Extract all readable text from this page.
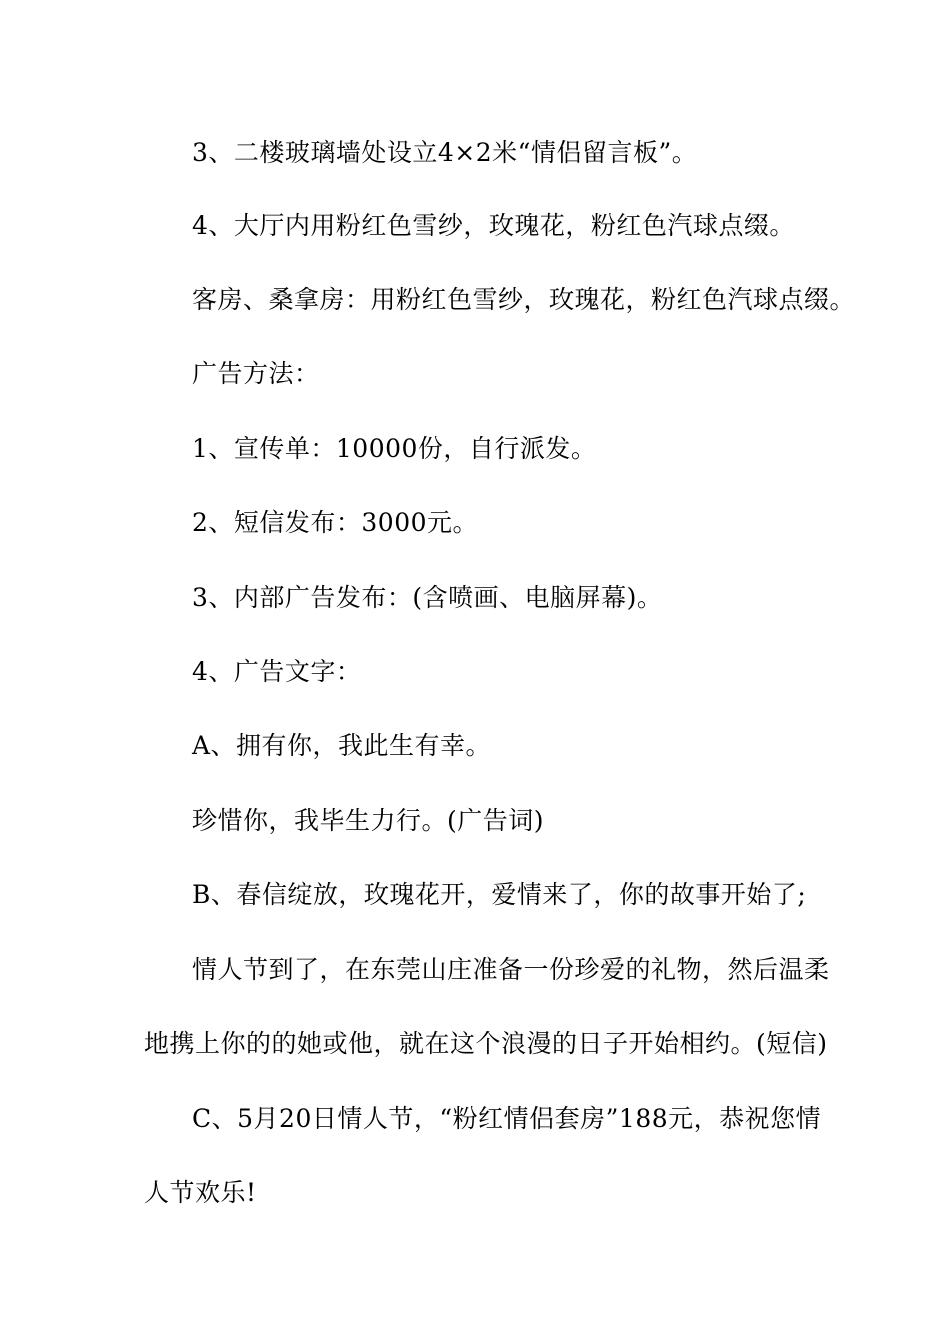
3、二楼玻璃墙处设立4×2米“情侣留言板”。
4、大厅内用粉红色雪纱，玫瑰花，粉红色汽球点缀。
客房、桑拿房：用粉红色雪纱，玫瑰花，粉红色汽球点缀。
广告方法：
1、宣传单：10000份，自行派发。
2、短信发布：3000元。
3、内部广告发布：(含喷画、电脑屏幕)。
4、广告文字：
A、拥有你，我此生有幸。
珍惜你，我毕生力行。(广告词)
B、春信绽放，玫瑰花开，爱情来了，你的故事开始了;
情人节到了，在东莞山庄准备一份珍爱的礼物，然后温柔
地携上你的的她或他，就在这个浪漫的日子开始相约。(短信)
C、5月20日情人节，“粉红情侣套房”188元，恭祝您情
人节欢乐!
